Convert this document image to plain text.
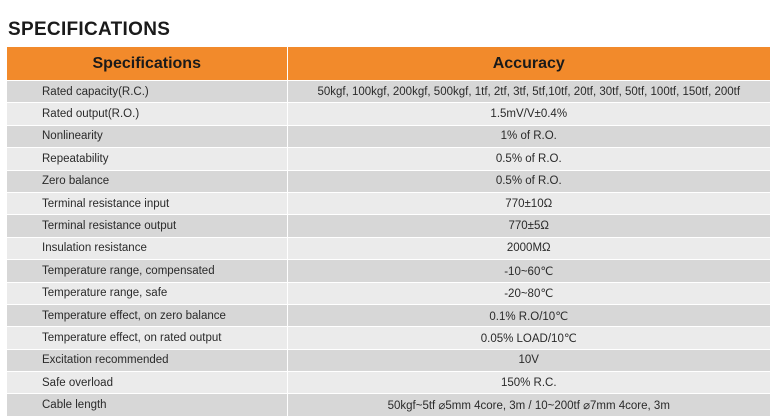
SPECIFICATIONS
Specifications	Accuracy
Rated capacity(R.C.)	50kgf, 100kgf, 200kgf, 500kgf, 1tf, 2tf, 3tf, 5tf,10tf, 20tf, 30tf, 50tf, 100tf, 150tf, 200tf
Rated output(R.O.)	1.5mV/V±0.4%
Nonlinearity	1% of R.O.
Repeatability	0.5% of R.O.
Zero balance	0.5% of R.O.
Terminal resistance input	770±10Ω
Terminal resistance output	770±5Ω
Insulation resistance	2000MΩ
Temperature range, compensated	-10~60℃
Temperature range, safe	-20~80℃
Temperature effect, on zero balance	0.1% R.O/10℃
Temperature effect, on rated output	0.05% LOAD/10℃
Excitation recommended	10V
Safe overload	150% R.C.
Cable length	50kgf~5tf ⌀5mm 4core, 3m / 10~200tf ⌀7mm 4core, 3m
